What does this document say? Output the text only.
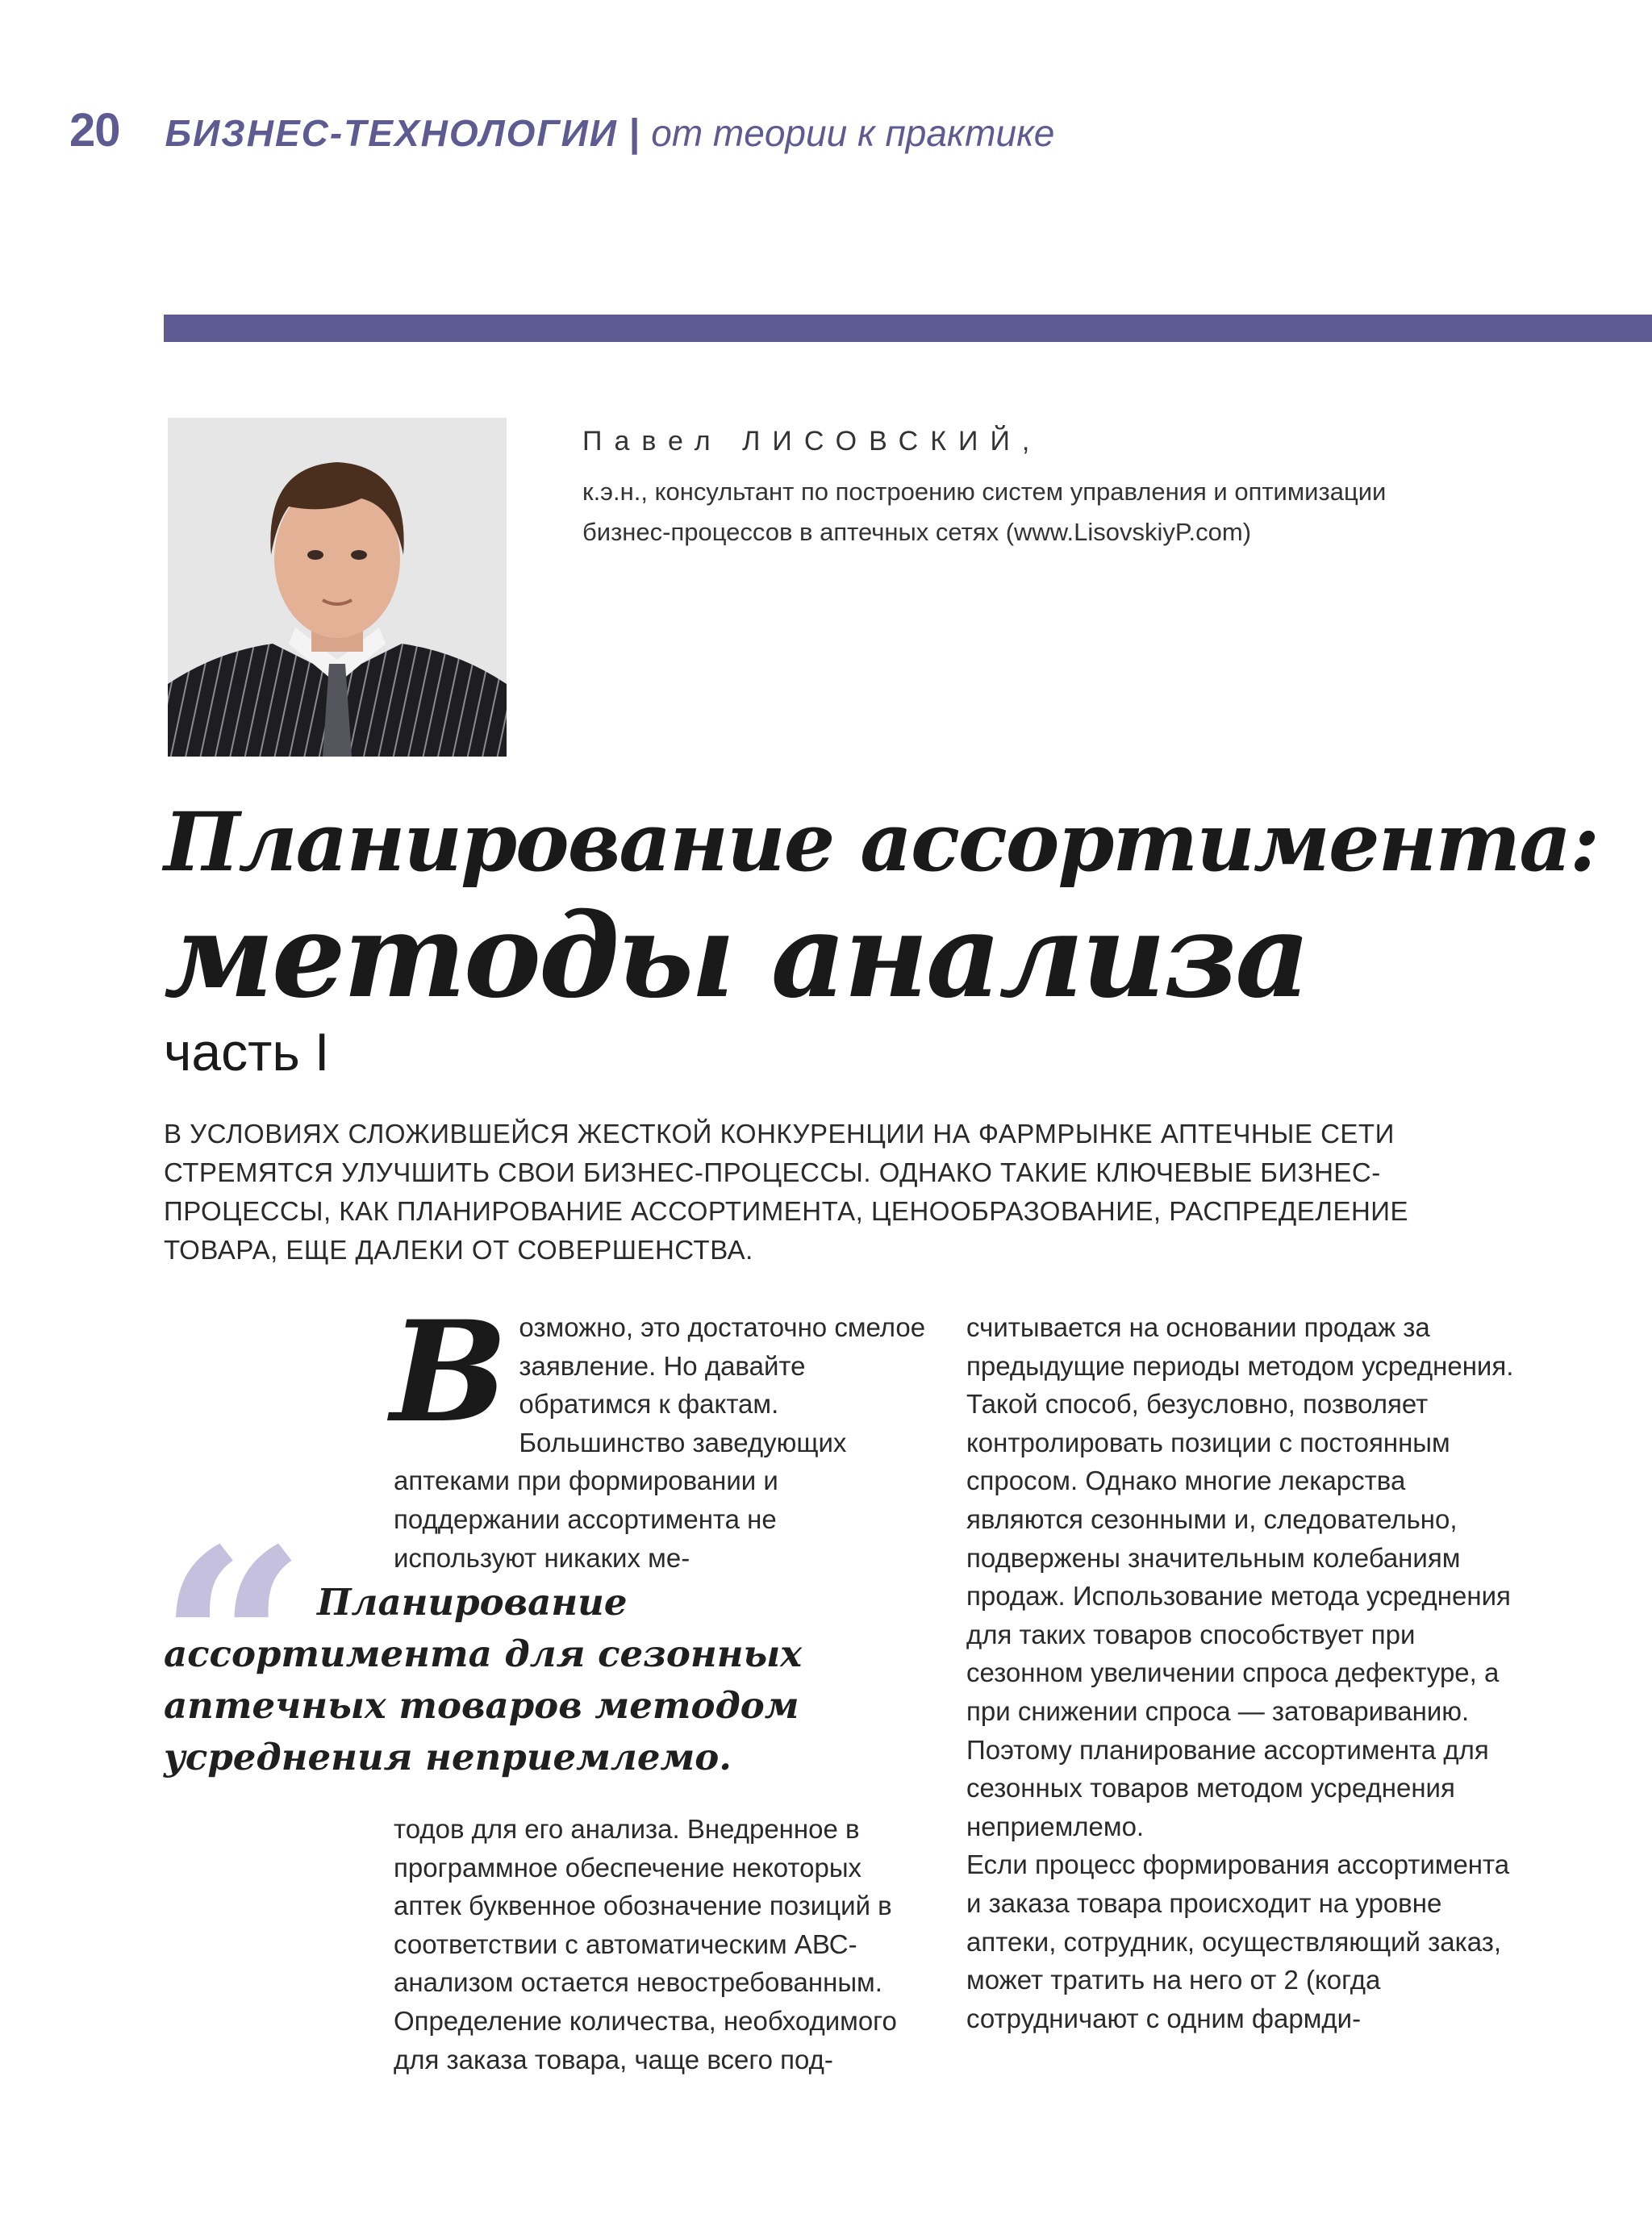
20 БИЗНЕС-ТЕХНОЛОГИИ | от теории к практике
Павел ЛИСОВСКИЙ,
к.э.н., консультант по построению систем управления и оптимизации
бизнес-процессов в аптечных сетях (www.LisovskiyP.com)
Планирование ассортимента:
методы анализа
часть I
В УСЛОВИЯХ СЛОЖИВШЕЙСЯ ЖЕСТКОЙ КОНКУРЕНЦИИ НА ФАРМРЫНКЕ АПТЕЧНЫЕ СЕТИ СТРЕМЯТСЯ УЛУЧШИТЬ СВОИ БИЗНЕС-ПРОЦЕССЫ. ОДНАКО ТАКИЕ КЛЮЧЕВЫЕ БИЗНЕС-ПРОЦЕССЫ, КАК ПЛАНИРОВАНИЕ АССОРТИМЕНТА, ЦЕНООБРАЗОВАНИЕ, РАСПРЕДЕЛЕНИЕ ТОВАРА, ЕЩЕ ДАЛЕКИ ОТ СОВЕРШЕНСТВА.
В озможно, это достаточно смелое заявление. Но давайте обратимся к фактам. Большинство заведующих аптеками при формировании и поддержании ассортимента не используют никаких ме-

“ Планирование ассортимента для сезонных аптечных товаров методом усреднения неприемлемо.

тодов для его анализа. Внедренное в программное обеспечение некоторых аптек буквенное обозначение позиций в соответствии с автоматическим АВС-анализом остается невостребованным. Определение количества, необходимого для заказа товара, чаще всего под-

считывается на основании продаж за предыдущие периоды методом усреднения. Такой способ, безусловно, позволяет контролировать позиции с постоянным спросом. Однако многие лекарства являются сезонными и, следовательно, подвержены значительным колебаниям продаж. Использование метода усреднения для таких товаров способствует при сезонном увеличении спроса дефектуре, а при снижении спроса — затовариванию. Поэтому планирование ассортимента для сезонных товаров методом усреднения неприемлемо.

Если процесс формирования ассортимента и заказа товара происходит на уровне аптеки, сотрудник, осуществляющий заказ, может тратить на него от 2 (когда сотрудничают с одним фармди-
